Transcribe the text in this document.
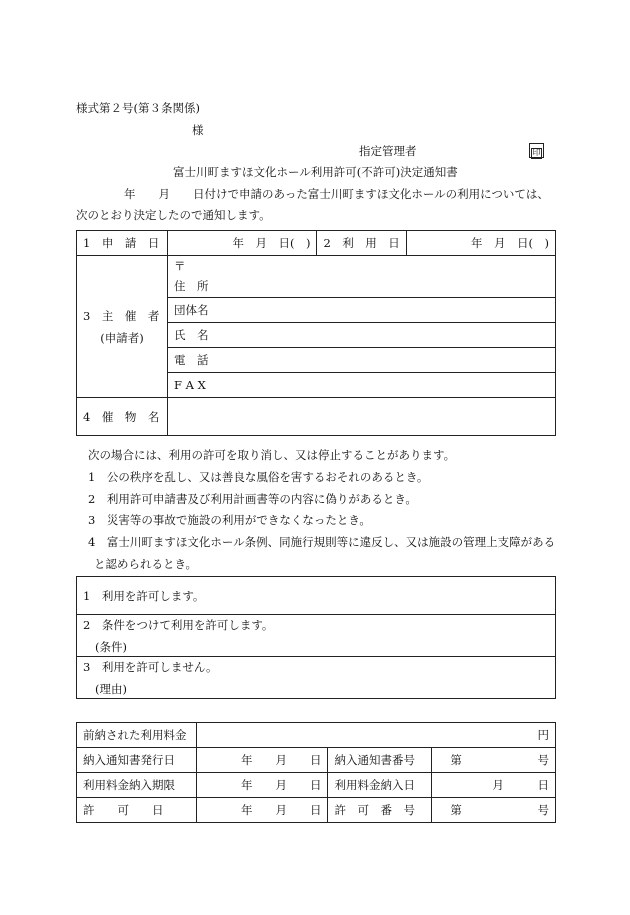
様式第２号(第３条関係)
様
指定管理者	印
富士川町ますほ文化ホール利用許可(不許可)決定通知書
年　　月　　日付けで申請のあった富士川町ますほ文化ホールの利用については、
次のとおり決定したので通知します。
1　申　請　日	年　月　日(　)	2　利　用　日	年　月　日(　)

3　主　催　者
(申請者)	〒		
	住　所		
	団体名		
	氏　名		
	電　話		
	F A X		
4　催　物　名			
次の場合には、利用の許可を取り消し、又は停止することがあります。
1　公の秩序を乱し、又は善良な風俗を害するおそれのあるとき。
2　利用許可申請書及び利用計画書等の内容に偽りがあるとき。
3　災害等の事故で施設の利用ができなくなったとき。
4　富士川町ますほ文化ホール条例、同施行規則等に違反し、又は施設の管理上支障がある
と認められるとき。
1　利用を許可します。

2　条件をつけて利用を許可します。
(条件)

3　利用を許可しません。
(理由)
前納された利用料金	円		
納入通知書発行日	年 月 日	納入通知書番号	第 号

利用料金納入期限	年 月 日	利用料金納入日	月 日

許　　可　　日	年 月 日	許　可　番　号	第 号
